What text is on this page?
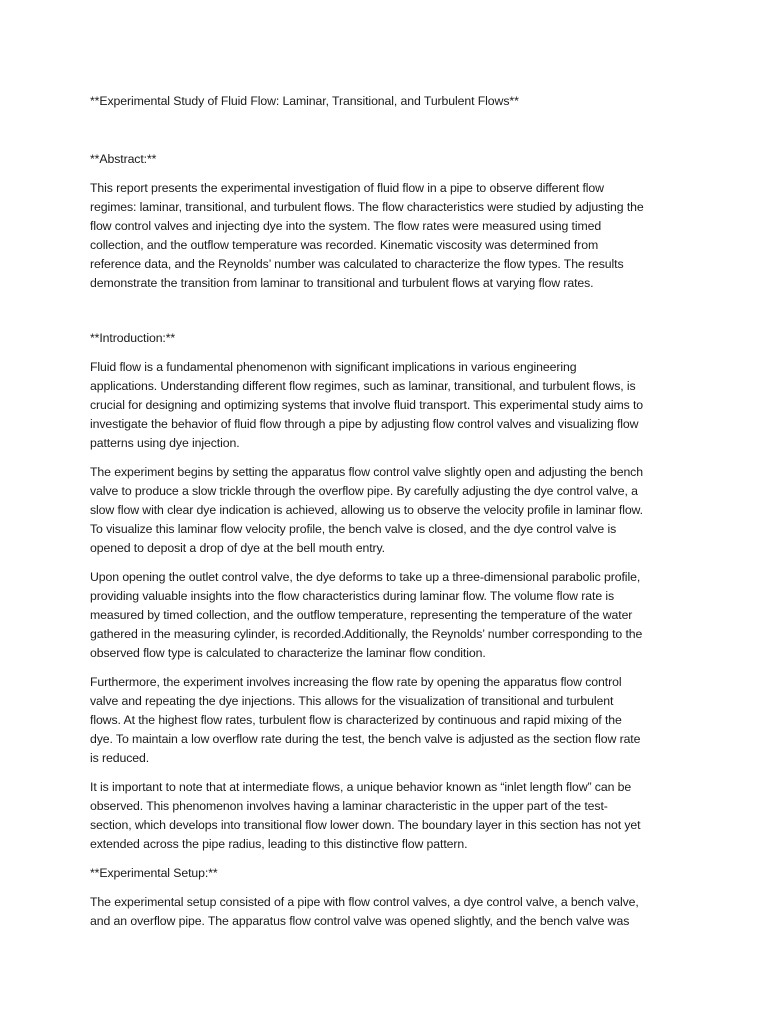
**Experimental Study of Fluid Flow: Laminar, Transitional, and Turbulent Flows**

**Abstract:**

This report presents the experimental investigation of fluid flow in a pipe to observe different flow

regimes: laminar, transitional, and turbulent flows. The flow characteristics were studied by adjusting the

flow control valves and injecting dye into the system. The flow rates were measured using timed

collection, and the outflow temperature was recorded. Kinematic viscosity was determined from

reference data, and the Reynolds’ number was calculated to characterize the flow types. The results

demonstrate the transition from laminar to transitional and turbulent flows at varying flow rates.

**Introduction:**

Fluid flow is a fundamental phenomenon with significant implications in various engineering

applications. Understanding different flow regimes, such as laminar, transitional, and turbulent flows, is

crucial for designing and optimizing systems that involve fluid transport. This experimental study aims to

investigate the behavior of fluid flow through a pipe by adjusting flow control valves and visualizing flow

patterns using dye injection.

The experiment begins by setting the apparatus flow control valve slightly open and adjusting the bench

valve to produce a slow trickle through the overflow pipe. By carefully adjusting the dye control valve, a

slow flow with clear dye indication is achieved, allowing us to observe the velocity profile in laminar flow.

To visualize this laminar flow velocity profile, the bench valve is closed, and the dye control valve is

opened to deposit a drop of dye at the bell mouth entry.

Upon opening the outlet control valve, the dye deforms to take up a three-dimensional parabolic profile,

providing valuable insights into the flow characteristics during laminar flow. The volume flow rate is

measured by timed collection, and the outflow temperature, representing the temperature of the water

gathered in the measuring cylinder, is recorded.Additionally, the Reynolds’ number corresponding to the

observed flow type is calculated to characterize the laminar flow condition.

Furthermore, the experiment involves increasing the flow rate by opening the apparatus flow control

valve and repeating the dye injections. This allows for the visualization of transitional and turbulent

flows. At the highest flow rates, turbulent flow is characterized by continuous and rapid mixing of the

dye. To maintain a low overflow rate during the test, the bench valve is adjusted as the section flow rate

is reduced.

It is important to note that at intermediate flows, a unique behavior known as “inlet length flow” can be

observed. This phenomenon involves having a laminar characteristic in the upper part of the test-

section, which develops into transitional flow lower down. The boundary layer in this section has not yet

extended across the pipe radius, leading to this distinctive flow pattern.

**Experimental Setup:**

The experimental setup consisted of a pipe with flow control valves, a dye control valve, a bench valve,

and an overflow pipe. The apparatus flow control valve was opened slightly, and the bench valve was
